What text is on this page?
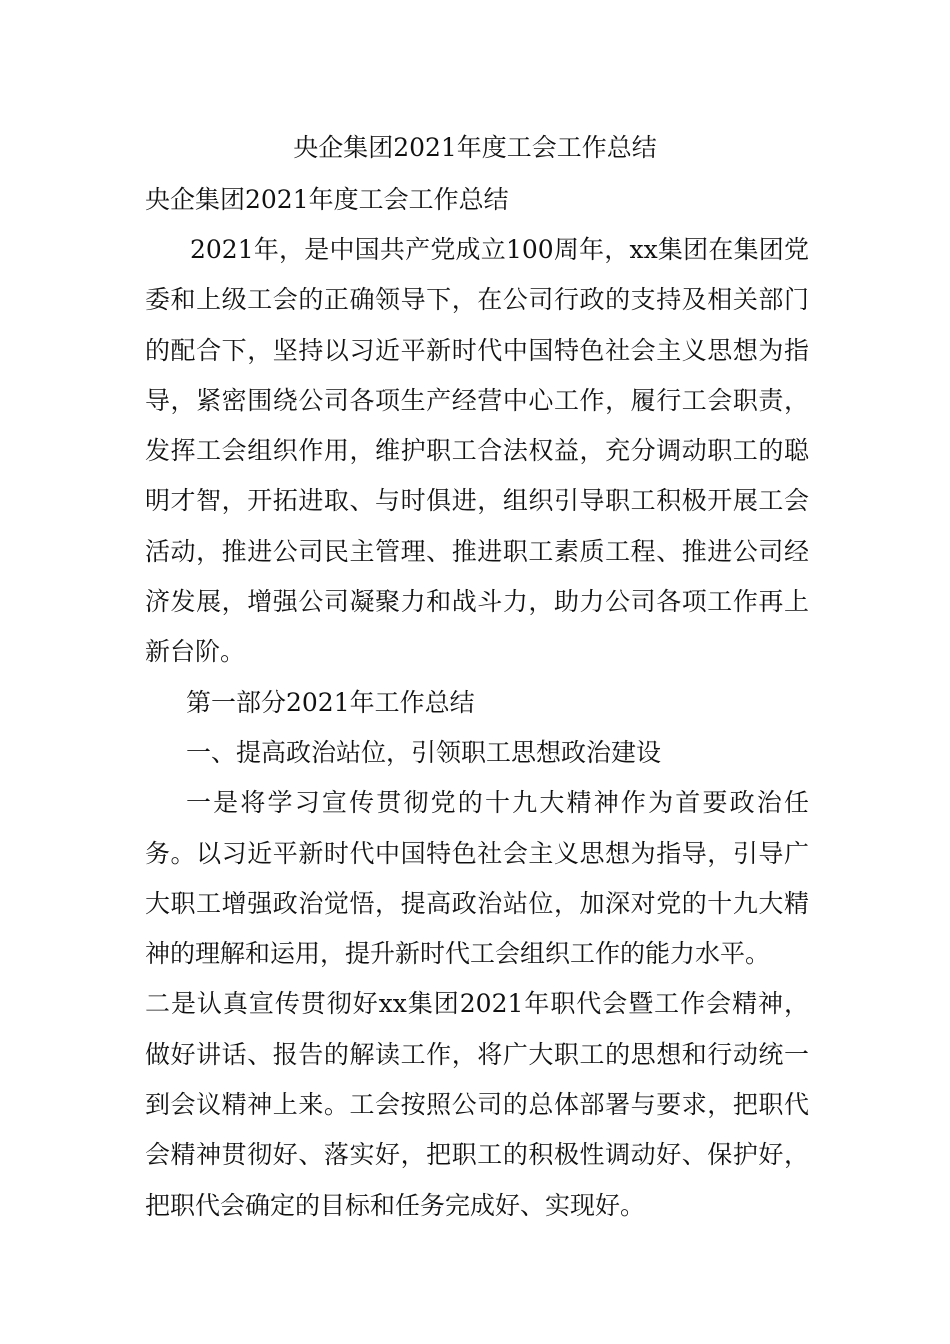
央企集团2021年度工会工作总结

央企集团2021年度工会工作总结

2021年，是中国共产党成立100周年，xx集团在集团党委和上级工会的正确领导下，在公司行政的支持及相关部门的配合下，坚持以习近平新时代中国特色社会主义思想为指导，紧密围绕公司各项生产经营中心工作，履行工会职责，发挥工会组织作用，维护职工合法权益，充分调动职工的聪明才智，开拓进取、与时俱进，组织引导职工积极开展工会活动，推进公司民主管理、推进职工素质工程、推进公司经济发展，增强公司凝聚力和战斗力，助力公司各项工作再上新台阶。

第一部分2021年工作总结

一、提高政治站位，引领职工思想政治建设

一是将学习宣传贯彻党的十九大精神作为首要政治任务。以习近平新时代中国特色社会主义思想为指导，引导广大职工增强政治觉悟，提高政治站位，加深对党的十九大精神的理解和运用，提升新时代工会组织工作的能力水平。

二是认真宣传贯彻好xx集团2021年职代会暨工作会精神，做好讲话、报告的解读工作，将广大职工的思想和行动统一到会议精神上来。工会按照公司的总体部署与要求，把职代会精神贯彻好、落实好，把职工的积极性调动好、保护好，把职代会确定的目标和任务完成好、实现好。
